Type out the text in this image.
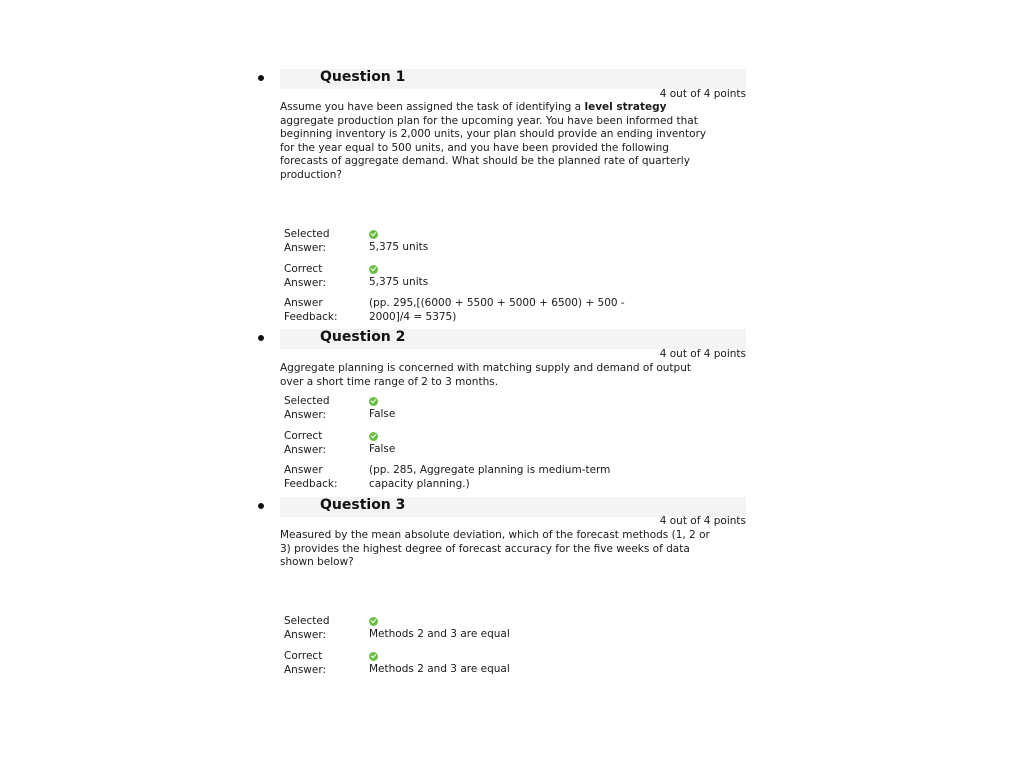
Question 1
4 out of 4 points
Assume you have been assigned the task of identifying a level strategy aggregate production plan for the upcoming year. You have been informed that beginning inventory is 2,000 units, your plan should provide an ending inventory for the year equal to 500 units, and you have been provided the following forecasts of aggregate demand. What should be the planned rate of quarterly production?
Selected Answer:	5,375 units
Correct Answer:	5,375 units
Answer Feedback:
(pp. 295,[(6000 + 5500 + 5000 + 6500) + 500 - 2000]/4 = 5375)
Question 2
4 out of 4 points
Aggregate planning is concerned with matching supply and demand of output over a short time range of 2 to 3 months.
Selected Answer:	False
Correct Answer:	False
Answer Feedback:
(pp. 285, Aggregate planning is medium-term capacity planning.)
Question 3
4 out of 4 points
Measured by the mean absolute deviation, which of the forecast methods (1, 2 or 3) provides the highest degree of forecast accuracy for the five weeks of data shown below?
Selected Answer:	Methods 2 and 3 are equal
Correct Answer:	Methods 2 and 3 are equal
